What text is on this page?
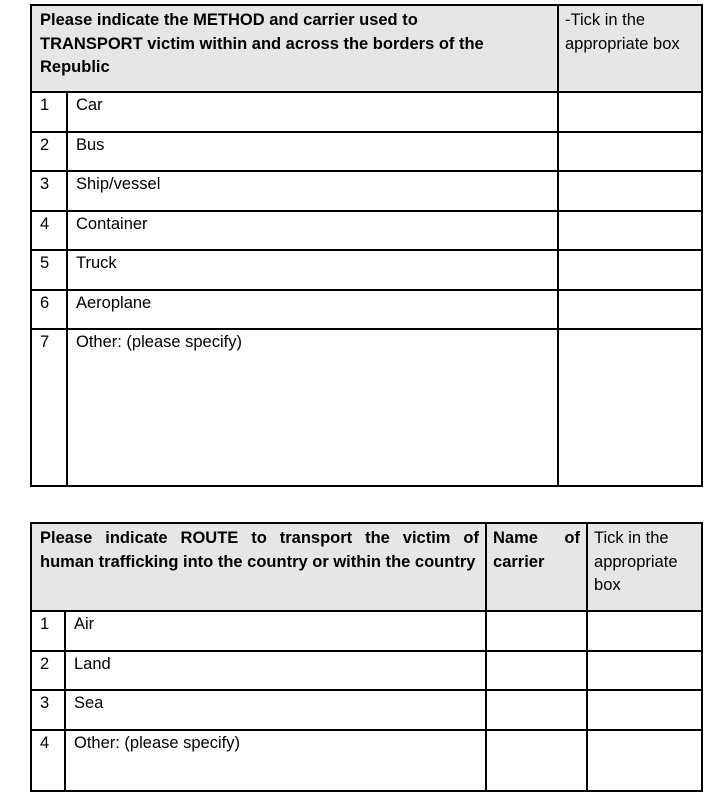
Please indicate the METHOD and carrier used to
TRANSPORT victim within and across the borders of the Republic		-Tick in the appropriate box

1	Car	

2	Bus	

3	Ship/vessel	

4	Container	

5	Truck	

6	Aeroplane	

7	Other: (please specify)	

Please indicate ROUTE to transport the victim of human trafficking into the country or within the country		Name of carrier	Tick in the appropriate box

1	Air		

2	Land		

3	Sea		

4	Other: (please specify)		
